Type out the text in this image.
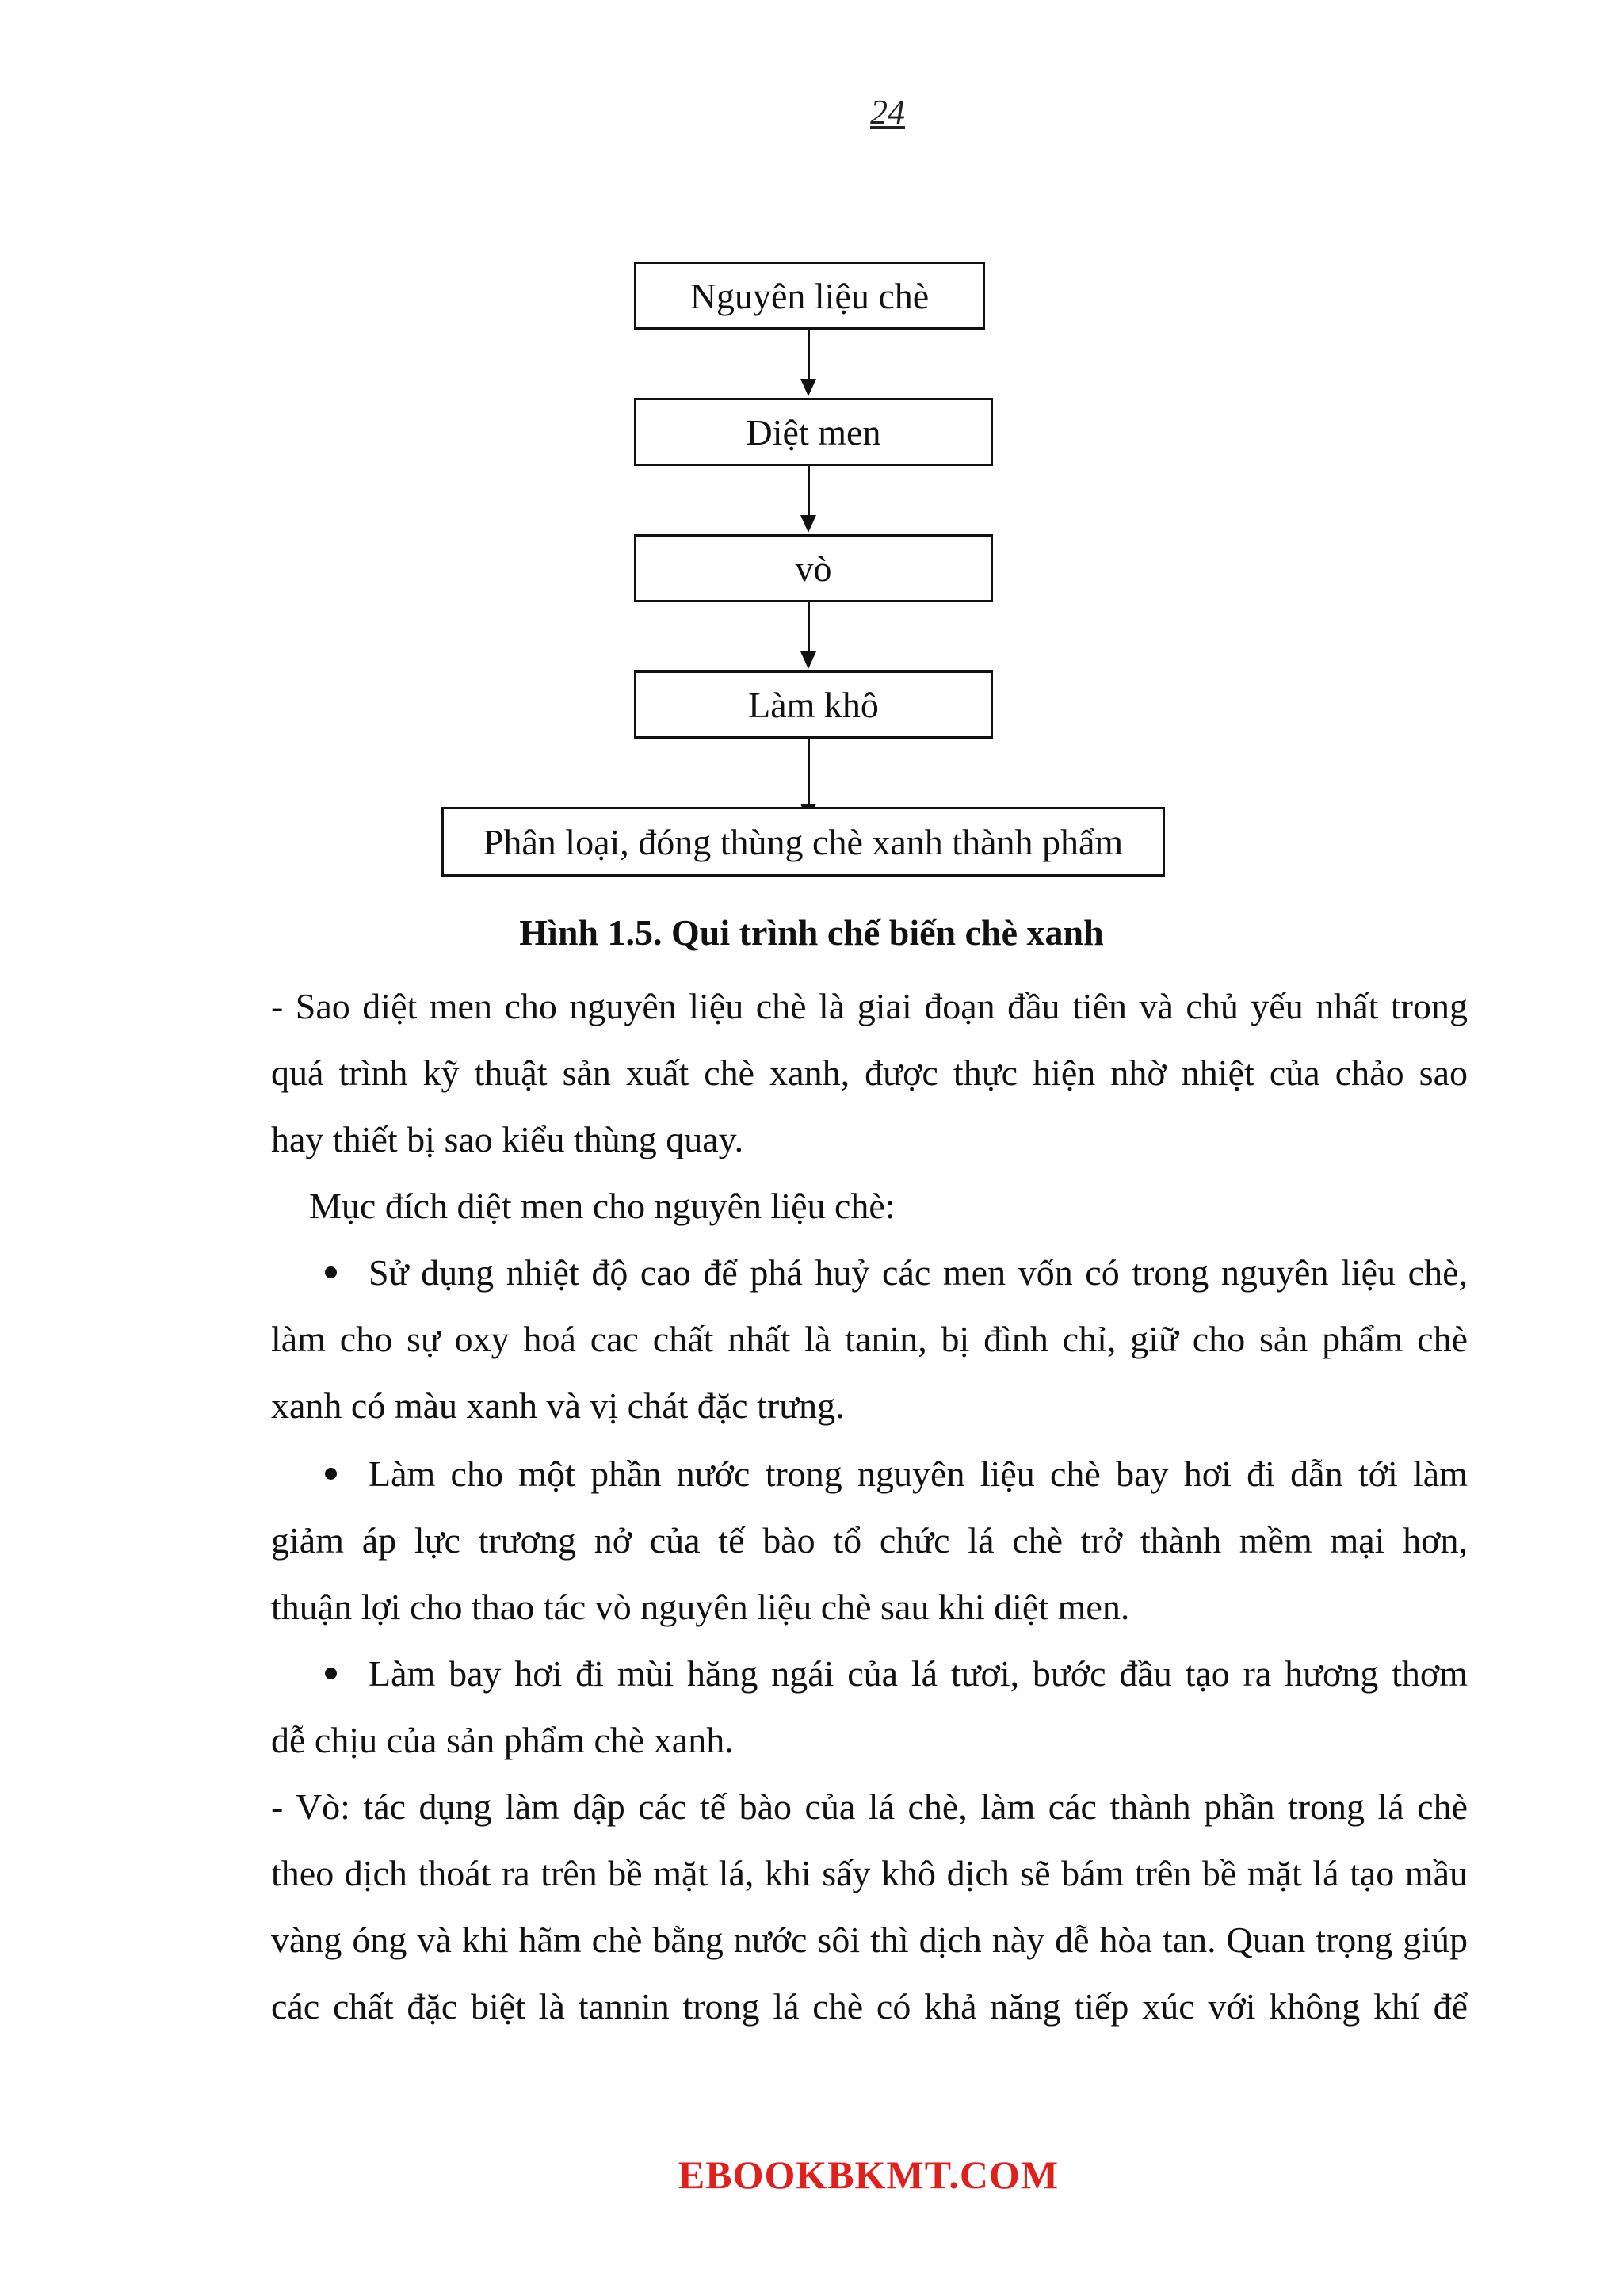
24
Nguyên liệu chè
Diệt men
vò
Làm khô
Phân loại, đóng thùng chè xanh thành phẩm
Hình 1.5. Qui trình chế biến chè xanh
- Sao diệt men cho nguyên liệu chè là giai đoạn đầu tiên và chủ yếu nhất trong
quá trình kỹ thuật sản xuất chè xanh, được thực hiện nhờ nhiệt của chảo sao
hay thiết bị sao kiểu thùng quay.
Mục đích diệt men cho nguyên liệu chè:
Sử dụng nhiệt độ cao để phá huỷ các men vốn có trong nguyên liệu chè,
làm cho sự oxy hoá cac chất nhất là tanin, bị đình chỉ, giữ cho sản phẩm chè
xanh có màu xanh và vị chát đặc trưng.
Làm cho một phần nước trong nguyên liệu chè bay hơi đi dẫn tới làm
giảm áp lực trương nở của tế bào tổ chức lá chè trở thành mềm mại hơn,
thuận lợi cho thao tác vò nguyên liệu chè sau khi diệt men.
Làm bay hơi đi mùi hăng ngái của lá tươi, bước đầu tạo ra hương thơm
dễ chịu của sản phẩm chè xanh.
- Vò: tác dụng làm dập các tế bào của lá chè, làm các thành phần trong lá chè
theo dịch thoát ra trên bề mặt lá, khi sấy khô dịch sẽ bám trên bề mặt lá tạo mầu
vàng óng và khi hãm chè bằng nước sôi thì dịch này dễ hòa tan. Quan trọng giúp
các chất đặc biệt là tannin trong lá chè có khả năng tiếp xúc với không khí để
EBOOKBKMT.COM
